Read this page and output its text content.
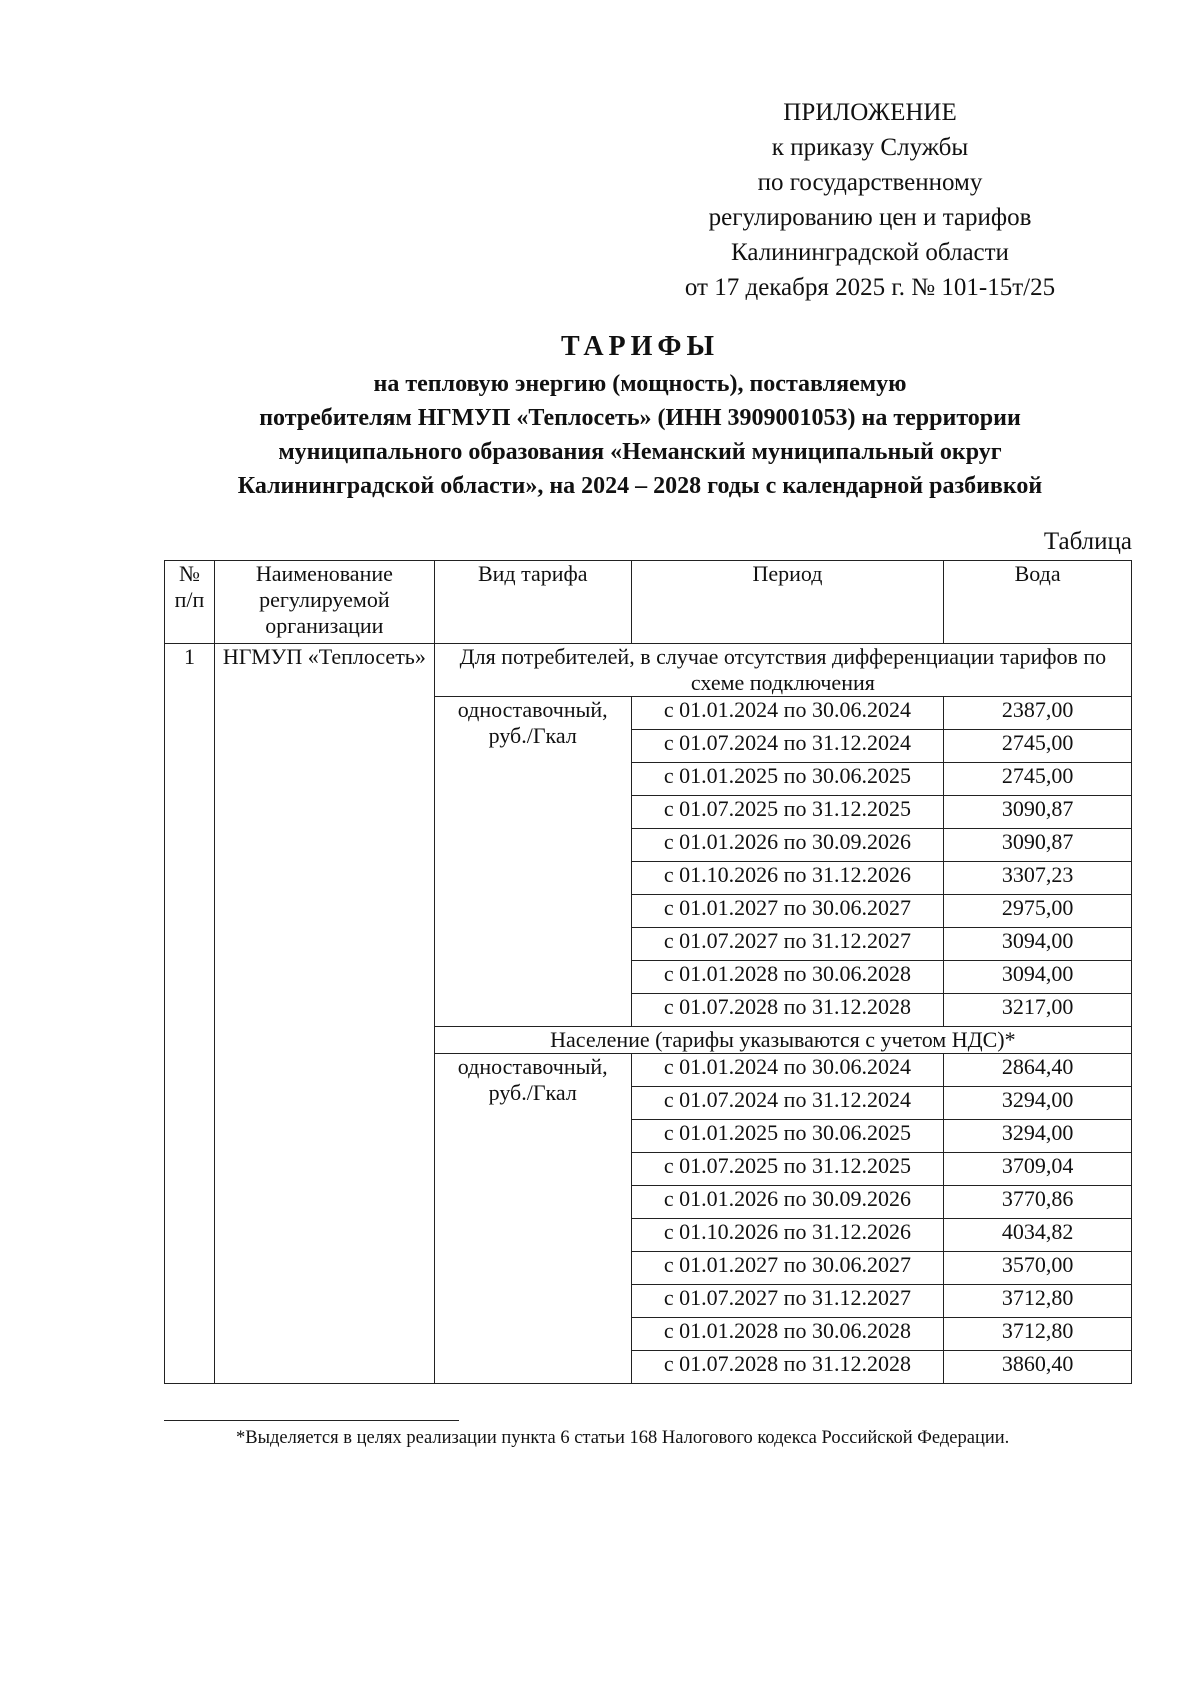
ПРИЛОЖЕНИЕ
к приказу Службы
по государственному
регулированию цен и тарифов
Калининградской области
от 17 декабря 2025 г. № 101-15т/25
ТАРИФЫ
на тепловую энергию (мощность), поставляемую
потребителям НГМУП «Теплосеть» (ИНН 3909001053) на территории
муниципального образования «Неманский муниципальный округ
Калининградской области», на 2024 – 2028 годы с календарной разбивкой
Таблица
№ п/п	Наименование регулируемой организации	Вид тарифа	Период	Вода
1	НГМУП «Теплосеть»	Для потребителей, в случае отсутствия дифференциации тарифов по схеме подключения		
		одноставочный, руб./Гкал	с 01.01.2024 по 30.06.2024	2387,00
			с 01.07.2024 по 31.12.2024	2745,00
			с 01.01.2025 по 30.06.2025	2745,00
			с 01.07.2025 по 31.12.2025	3090,87
			с 01.01.2026 по 30.09.2026	3090,87
			с 01.10.2026 по 31.12.2026	3307,23
			с 01.01.2027 по 30.06.2027	2975,00
			с 01.07.2027 по 31.12.2027	3094,00
			с 01.01.2028 по 30.06.2028	3094,00
			с 01.07.2028 по 31.12.2028	3217,00
		Население (тарифы указываются с учетом НДС)*		
		одноставочный, руб./Гкал	с 01.01.2024 по 30.06.2024	2864,40
			с 01.07.2024 по 31.12.2024	3294,00
			с 01.01.2025 по 30.06.2025	3294,00
			с 01.07.2025 по 31.12.2025	3709,04
			с 01.01.2026 по 30.09.2026	3770,86
			с 01.10.2026 по 31.12.2026	4034,82
			с 01.01.2027 по 30.06.2027	3570,00
			с 01.07.2027 по 31.12.2027	3712,80
			с 01.01.2028 по 30.06.2028	3712,80
			с 01.07.2028 по 31.12.2028	3860,40
*Выделяется в целях реализации пункта 6 статьи 168 Налогового кодекса Российской Федерации.
